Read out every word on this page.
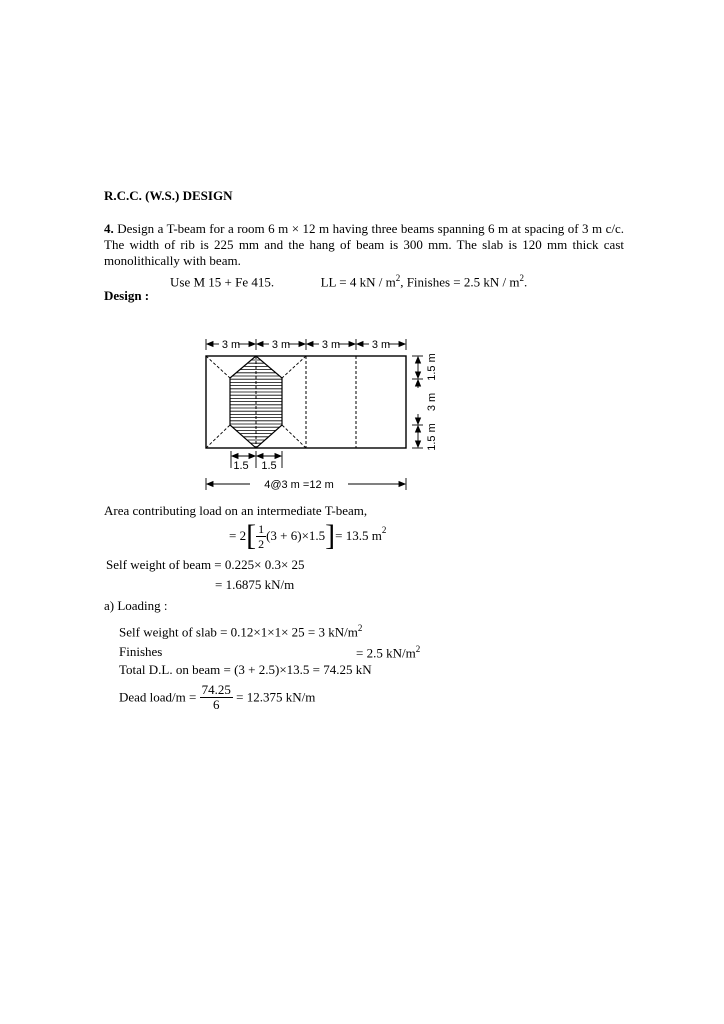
R.C.C. (W.S.) DESIGN
4. Design a T-beam for a room 6 m × 12 m having three beams spanning 6 m at spacing of 3 m c/c. The width of rib is 225 mm and the hang of beam is 300 mm. The slab is 120 mm thick cast monolithically with beam.
Use M 15 + Fe 415.	LL = 4 kN / $m^2$, Finishes = 2.5 kN / $m^2$.
Design :
3 m	3 m	3 m	3 m
1.5 m
3 m
1.5 m
1.5 1.5
4@3 m =12 m
Area contributing load on an intermediate T-beam,
= $2[ \frac{1}{2} (3 + 6)\times 1.5]= 13.5$ $m^2$
Self weight of beam = 0.225× 0.3× 25
= 1.6875 kN/m
a) Loading :
Self weight of slab = 0.12×1×1× 25 = 3 $kN/m^2$
Finishes	= 2.5 $kN/m^2$
Total D.L. on beam = (3 + 2.5)×13.5 = 74.25 kN
Dead load/m = $\frac{74.25}{6} = 12.375$ kN/m
